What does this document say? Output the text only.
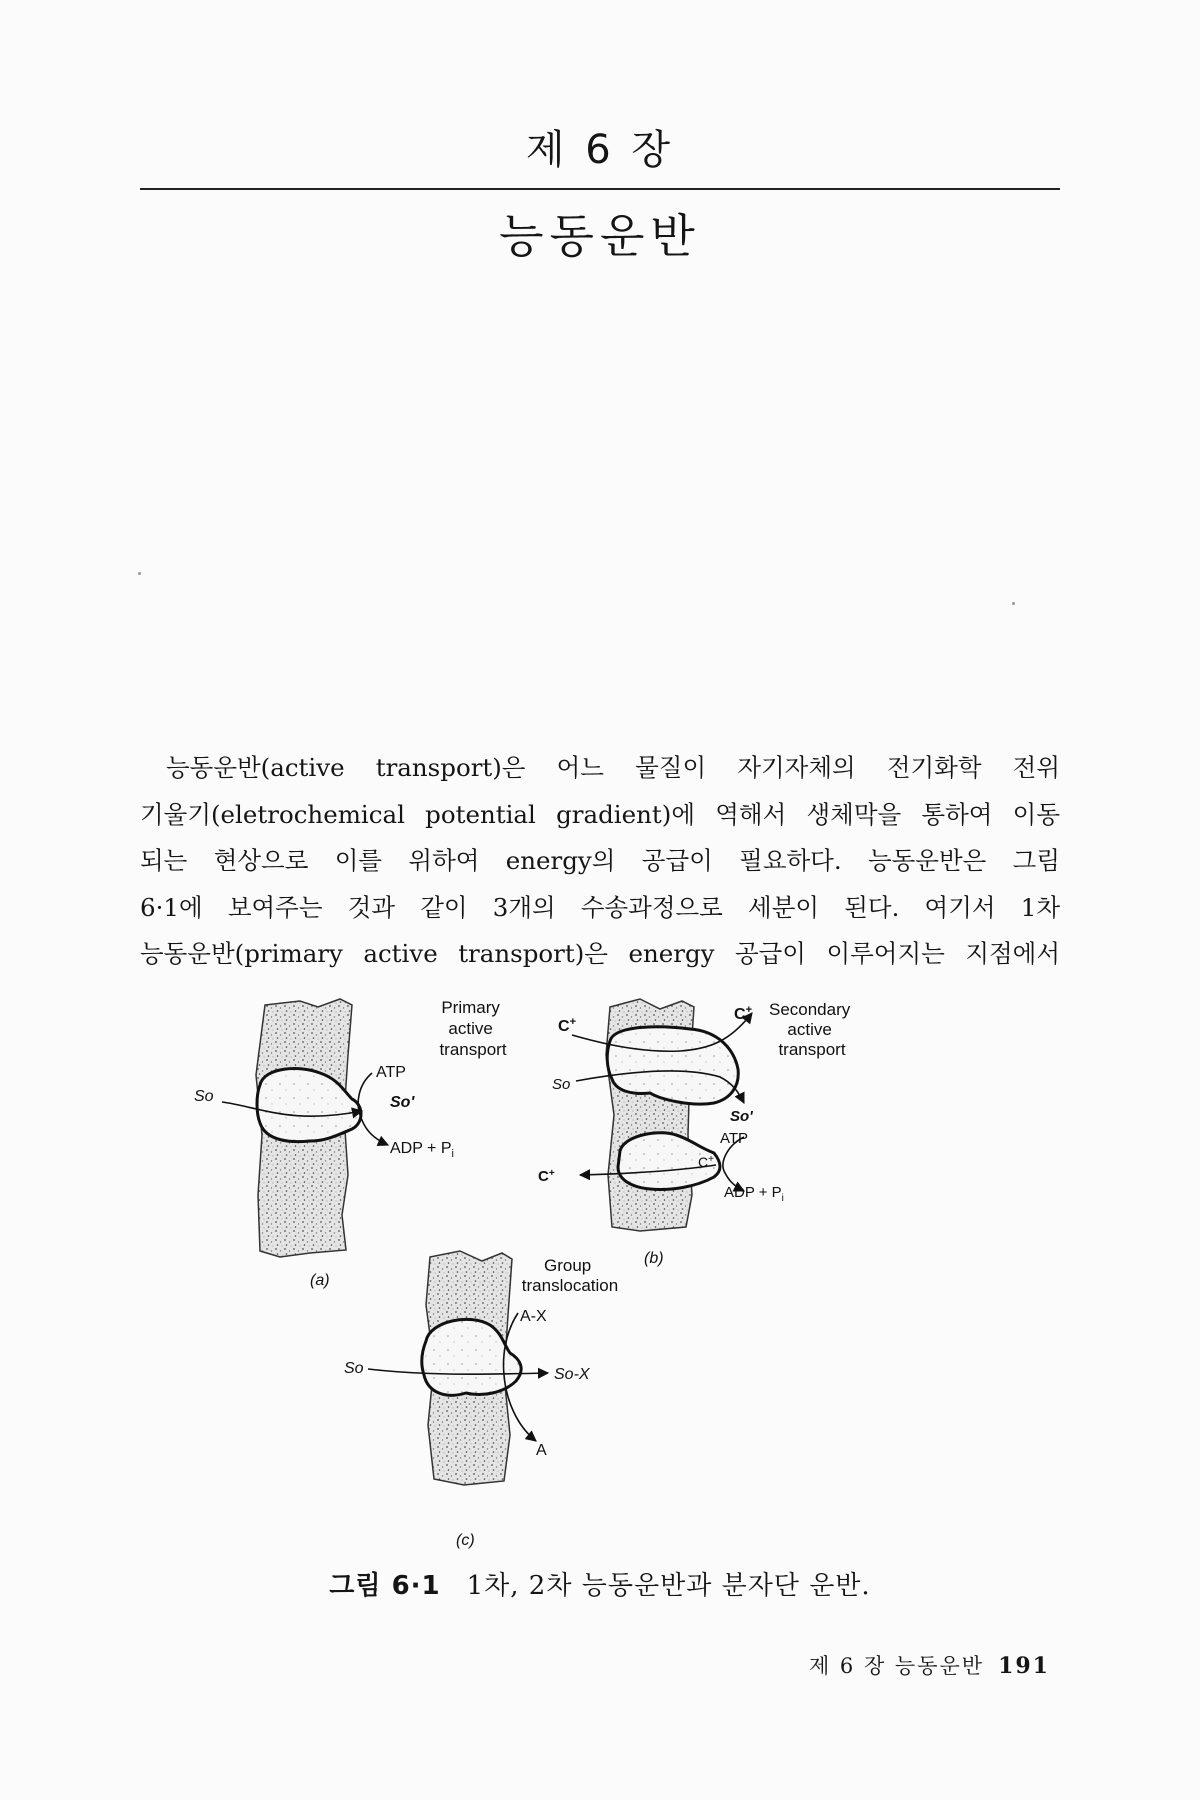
제 6 장
능동운반
능동운반(active transport)은 어느 물질이 자기자체의 전기화학 전위
기울기(eletrochemical potential gradient)에 역해서 생체막을 통하여 이동
되는 현상으로 이를 위하여 energy의 공급이 필요하다. 능동운반은 그림
6·1에 보여주는 것과 같이 3개의 수송과정으로 세분이 된다. 여기서 1차
능동운반(primary active transport)은 energy 공급이 이루어지는 지점에서
So
ATP
So'
ADP + $P_i$
Primary active transport
(a)
C+	C+
So
So'
ATP
C+
C+
ADP + $P_i$
Secondary active transport
(b)
A-X
So	So-X
A
Group translocation
(c)
그림 6·1 1차, 2차 능동운반과 분자단 운반.
제 6 장 능동운반 191
